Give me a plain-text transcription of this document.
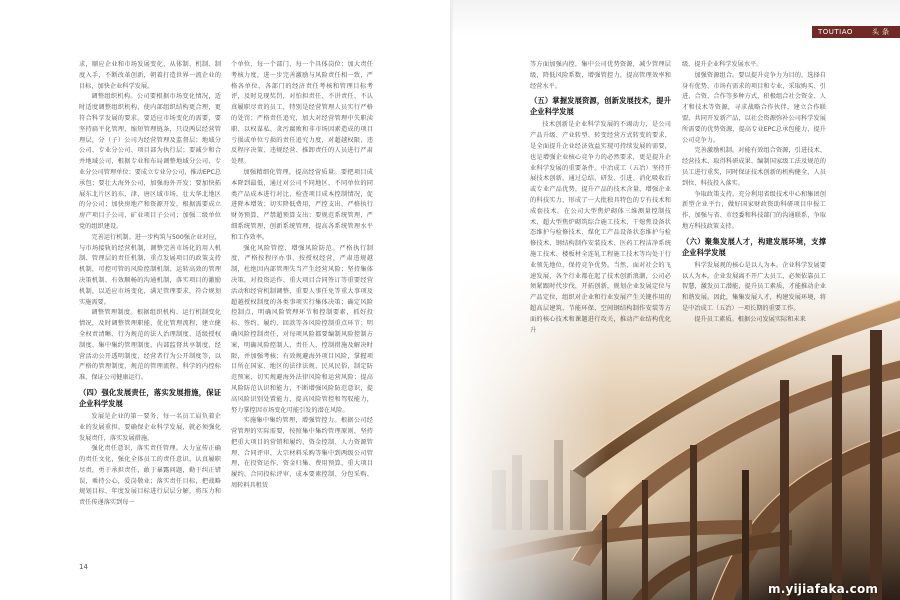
TOUTIAO	头条

求，顺应企业和市场发展变化，从体制、机制、制度入手，不断改革创新，朝着打造世界一流企业的目标，加快企业科学发展。

调整组织机构。公司要根据市场变化情况，适时适度调整组织机构，使内部组织结构更合理，更符合科学发展的要求。要适应市场变化的需要，要坚持扁平化管理，缩短管理链条，只设两层经营管理层，分（子）公司为经营管理及监督层；地域分公司、专业分公司、项目部为执行层；要减少和合并地域公司，根据专业和布局调整地域分公司、专业分公司管理单位；要成立专业分公司，推动EPC总承包；要壮大海外公司，加强海外开发；要加快拓展东北片区的东、津、唐区域市场，壮大华北地区的分公司；加快房地产和资源开发，根据需要成立房产项目子公司、矿业项目子公司；加强二级单位党的组织建设。

完善运行机制。进一步构筑与500强企业对应，与市场接轨的经营机制，调整完善市场化的用人机制、管理层的责任机制，重点发展项目的政策支持机制，可控可管的风险控制机制、运转高效的管理决策机制、有效顺畅的沟通机制，落实项目的激励机制，以适应市场变化，满足管理要求，符合规划实施需要。

调整管理制度。根据组织机构、运行机制变化情况，及时调整管理职能，优化管理流程，建立健全权责清晰、行为规范的法人治理制度、适级授权制度、集中集约管理制度、内部监督共享制度、经营活动公开透明制度、经营者行为公开制度等，以严格的管理制度，规范的管理流程、科学的内控标准，保证公司健康运行。

（四）强化发展责任，落实发展措施，保证企业科学发展

发展是企业的第一要务，每一名员工肩负着企业的发展重担。要确保企业科学发展，就必须强化发展责任，落实发展措施。

强化责任意识，落实责任管理。大力宣传正确的责任文化，强化全体员工的责任意识，认真履职尽责，勇于承担责任，敢于暴露问题，勤于纠正错误，乘持公心，爱岗敬业；落实责任目标，把战略规划目标、年度发展目标进行层层分解，将压力和责任传递落实到每一

个单位、每一个部门、每一个具体岗位；加大责任考核力度，进一步完善激励与风险责任相一致，严格各单位、各部门的经济责任考核和管理目标考评，及时兑现奖罚，对怕担责任、不讲责任、不认真履职尽责的员工，特别是经营管理人员实行严格的处罚；严格责任追究，加大对经营管理中失职渎职、以权谋私、贪污腐败和非市场因素造成的项目亏损或单位亏损的责任追究力度，对超越权限、违反程序决策、违规经营、推卸责任的人员进行严肃处理。

加强精细化管理，提高经营质量。要把项目成本降到最低，通过对公司不同地区、不同单位的同类产品成本进行对比，检查项目成本控制情况，促进降本增效；切实降低费用，严控支出，严格执行财务预算，严禁超预算支出；要规范系统管理，严细系统管理，创新系统管理，提高各系统管理水平和工作效率。

强化风险管控，增强风险防范。严格执行制度，严格按程序办事，按授权经营，严肃违规越制，杜绝因内部管理失当产生经营风险；坚持集体决策，对投资运作、重大项目合同签订等重要经营活动和经营机制调整、重要人事任免等重大事项及超越授权制度的各类事项实行集体决策；确定风险控制点，明确风险管理环节和控制要素，抓好投标、签约、履约、回款等各风险控制重点环节；明确风险控制责任，对每项风险都要编制风险控制方案，明确风险控制人、责任人、控制措施及解决时限，并加强考核；有效规避海外项目风险，掌握项目所在国家、地区的法律法规、民风民俗，制定防范预案，切实规避海外法律风险和运营风险；提高风险防范认识和能力，不断增强风险防范意识，提高风险识别处置能力，提高风险管控和驾驭能力，努力掌控因市场变化可能引发的潜在风险。

实施集中集约管理，增强管控力。根据公司经营管理的实际需要，按照集中集约管理原则，坚持把重大项目的营销和履约、资金控制、人力资源管理、合同评审、大宗材料采购等集中到两级公司管理，在投资运作、资金归集、费用预算、重大项目履约、合同投标评审、成本要素控制、分包采购、周转料具租赁

等方面加强内控，集中公司优势资源，减少管理层级，降低风险系数，增强管控力，提高管理效率和经营水平。

（五）掌握发展资源，创新发展技术，提升企业科学发展

技术创新是企业科学发展的不竭动力，是公司产品升级、产业转型、转变经营方式转变的要求，是全面提升企业经济效益实现可持续发展的需要，也是增强企业核心竞争力的必然要求，更是提升企业科学发展的重要条件。中冶成工（五冶）坚持开展技术创新，通过总结、研发、引进、消化吸收后或专业产品优势，提升产品的技术含量，增强企业的科技实力，形成了一大批独具特色的专有技术和成套技术。在公司大型焦炉砌体三维测量控制技术、超大型焦炉砌筑综合施工技术、干熄焦设备状态维护与检修技术、煤化工产品设备状态维护与检修技术、钢结构制作安装技术、医药工程洁净系统施工技术、楼板材全连轧工程施工技术等均处于行业领先地位，保持竞争优势。当然，面对社会的飞速发展，各个行业都在起了技术创新浪潮，公司必须紧跟时代步伐，开拓创新，规划企业发展定位与产品定位，组织对企业和行业发展产生关键作用的超高层建筑、节能环保、空间钢结构制作安装等方面的核心技术和课题进行攻关，推动产业结构优化升

级，提升企业科学发展水平。

加强资源组合。要以提升竞争力为目的，选择自身有优势、市场有需求的项目和专业，采取购买、引进、合资、合作等多种方式，积极组合社会资金、人才和技术等资源，寻求战略合作伙伴，建立合作联盟，共同开发新产品，以社会资源弥补公司科学发展所需要的优势资源，提高专业EPC总承包能力，提升公司竞争力。

完善激励机制。对能有效组合资源，引进技术、经营技术、取得科研成果、编制国家级工法及规范的员工进行重奖，同时保证技术创新的机构健全、人员到位、科技投入落实。

争取政策支持。充分利用省级技术中心和集团创新型企业平台，做好国家财政资助科研项目申报工作，加强与省、市经委和科技部门的沟通联系，争取地方科技政策支持。

（六）聚集发展人才，构建发展环境，支撑企业科学发展

科学发展观的核心是以人为本。企业科学发展要以人为本，企业发展离不开广大员工，必须依靠员工智慧，激发员工潜能，提升员工素质，才能推动企业和谐发展。因此，集集发展人才，构建发展环境，将是中冶成工（五冶）一项长期的重要工作。

提升员工素质。根据公司发展实际和未来

14
m.yijiafaka.com
